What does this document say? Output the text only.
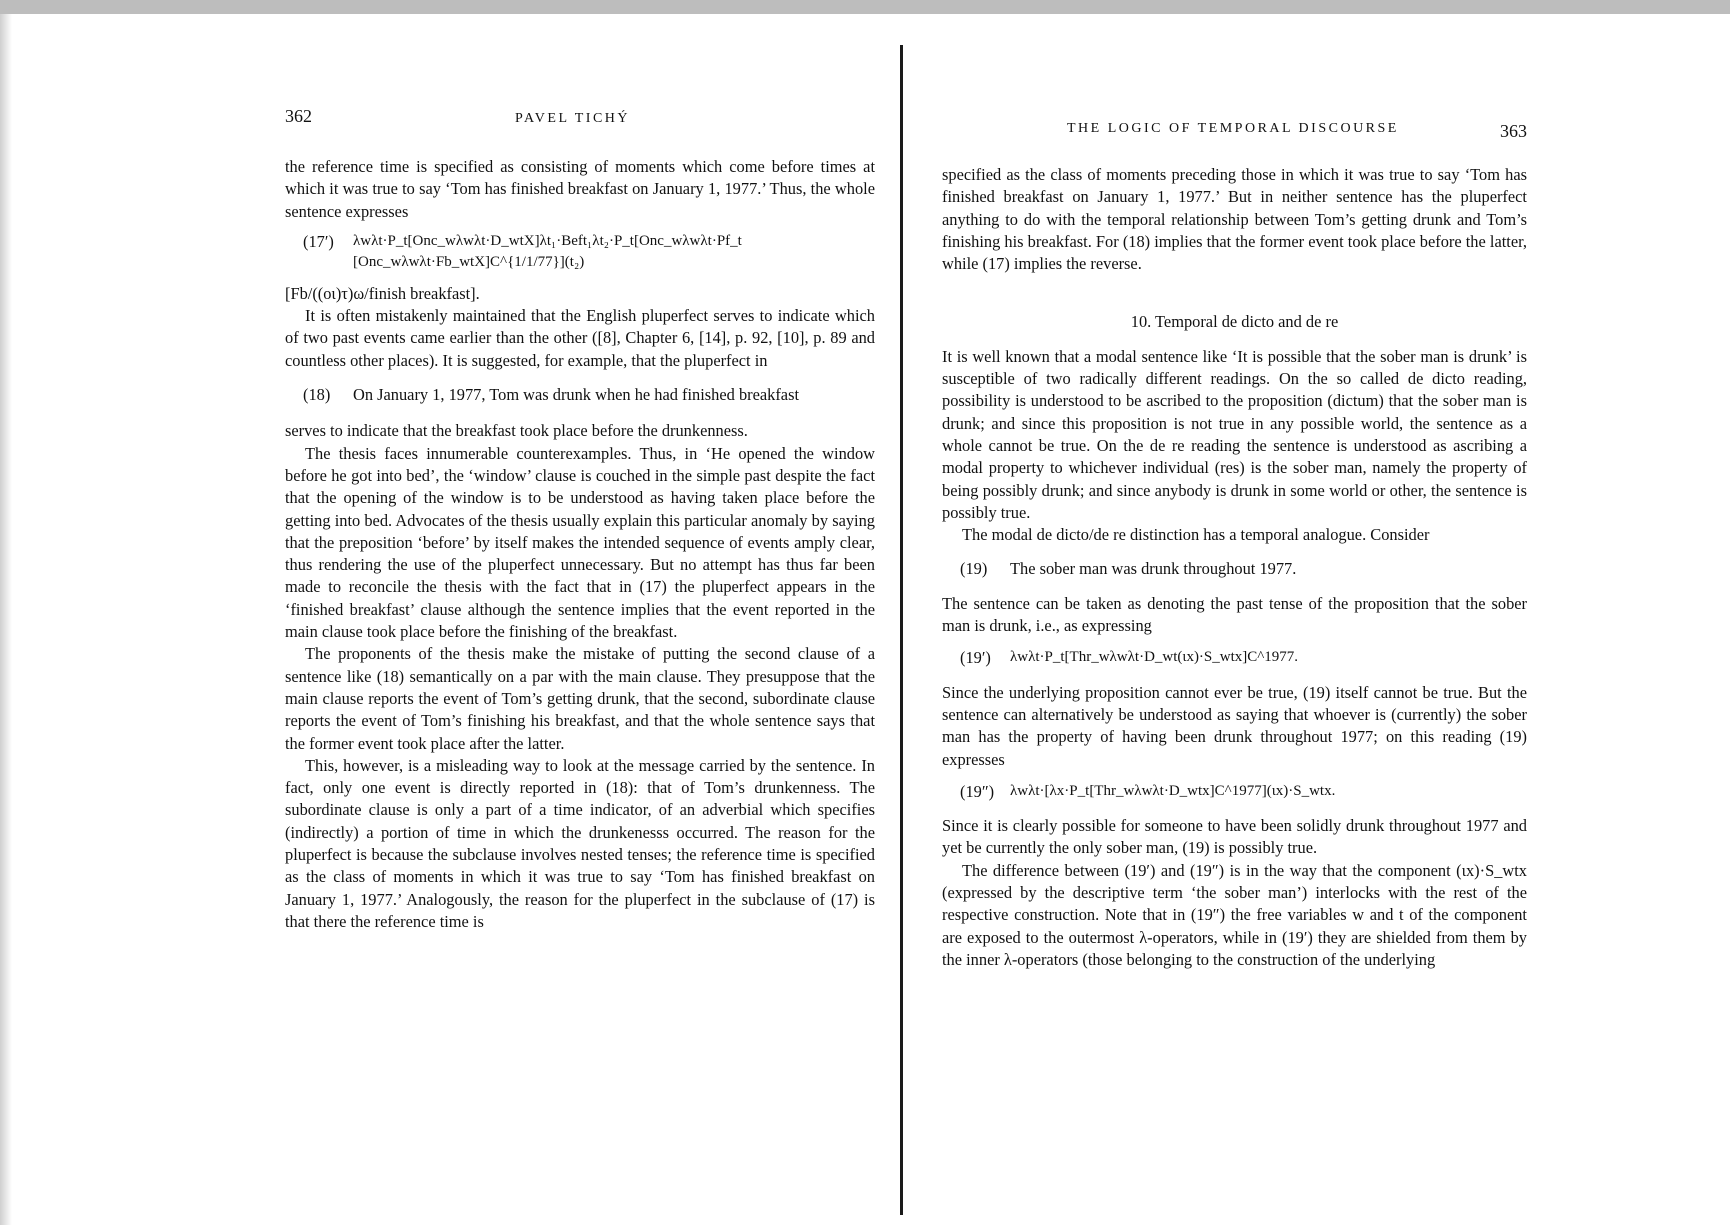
362	PAVEL TICHÝ

the reference time is specified as consisting of moments which come before times at which it was true to say ‘Tom has finished breakfast on January 1, 1977.’ Thus, the whole sentence expresses

(17′)	λwλt·P_t[Onc_wλwλt·D_wtX]λt₁·Beft₁λt₂·P_t[Onc_wλwλt·Pf_t
[Onc_wλwλt·Fb_wtX]C^{1/1/77}](t₂)

[Fb/((οι)τ)ω/finish breakfast].

It is often mistakenly maintained that the English pluperfect serves to indicate which of two past events came earlier than the other ([8], Chapter 6, [14], p. 92, [10], p. 89 and countless other places). It is suggested, for example, that the pluperfect in

(18)	On January 1, 1977, Tom was drunk when he had finished breakfast

serves to indicate that the breakfast took place before the drunkenness.

The thesis faces innumerable counterexamples. Thus, in ‘He opened the window before he got into bed’, the ‘window’ clause is couched in the simple past despite the fact that the opening of the window is to be understood as having taken place before the getting into bed. Advocates of the thesis usually explain this particular anomaly by saying that the preposition ‘before’ by itself makes the intended sequence of events amply clear, thus rendering the use of the pluperfect unnecessary. But no attempt has thus far been made to reconcile the thesis with the fact that in (17) the pluperfect appears in the ‘finished breakfast’ clause although the sentence implies that the event reported in the main clause took place before the finishing of the breakfast.

The proponents of the thesis make the mistake of putting the second clause of a sentence like (18) semantically on a par with the main clause. They presuppose that the main clause reports the event of Tom’s getting drunk, that the second, subordinate clause reports the event of Tom’s finishing his breakfast, and that the whole sentence says that the former event took place after the latter.

This, however, is a misleading way to look at the message carried by the sentence. In fact, only one event is directly reported in (18): that of Tom’s drunkenness. The subordinate clause is only a part of a time indicator, of an adverbial which specifies (indirectly) a portion of time in which the drunkenesss occurred. The reason for the pluperfect is because the subclause involves nested tenses; the reference time is specified as the class of moments in which it was true to say ‘Tom has finished breakfast on January 1, 1977.’ Analogously, the reason for the pluperfect in the subclause of (17) is that there the reference time is

THE LOGIC OF TEMPORAL DISCOURSE	363

specified as the class of moments preceding those in which it was true to say ‘Tom has finished breakfast on January 1, 1977.’ But in neither sentence has the pluperfect anything to do with the temporal relationship between Tom’s getting drunk and Tom’s finishing his breakfast. For (18) implies that the former event took place before the latter, while (17) implies the reverse.

10. Temporal de dicto and de re

It is well known that a modal sentence like ‘It is possible that the sober man is drunk’ is susceptible of two radically different readings. On the so called de dicto reading, possibility is understood to be ascribed to the proposition (dictum) that the sober man is drunk; and since this proposition is not true in any possible world, the sentence as a whole cannot be true. On the de re reading the sentence is understood as ascribing a modal property to whichever individual (res) is the sober man, namely the property of being possibly drunk; and since anybody is drunk in some world or other, the sentence is possibly true.

The modal de dicto/de re distinction has a temporal analogue. Consider

(19)	The sober man was drunk throughout 1977.

The sentence can be taken as denoting the past tense of the proposition that the sober man is drunk, i.e., as expressing

(19′)	λwλt·P_t[Thr_wλwλt·D_wt(ιx)·S_wtx]C^1977.

Since the underlying proposition cannot ever be true, (19) itself cannot be true. But the sentence can alternatively be understood as saying that whoever is (currently) the sober man has the property of having been drunk throughout 1977; on this reading (19) expresses

(19″)	λwλt·[λx·P_t[Thr_wλwλt·D_wtx]C^1977](ιx)·S_wtx.

Since it is clearly possible for someone to have been solidly drunk throughout 1977 and yet be currently the only sober man, (19) is possibly true.

The difference between (19′) and (19″) is in the way that the component (ιx)·S_wtx (expressed by the descriptive term ‘the sober man’) interlocks with the rest of the respective construction. Note that in (19″) the free variables w and t of the component are exposed to the outermost λ-operators, while in (19′) they are shielded from them by the inner λ-operators (those belonging to the construction of the underlying
